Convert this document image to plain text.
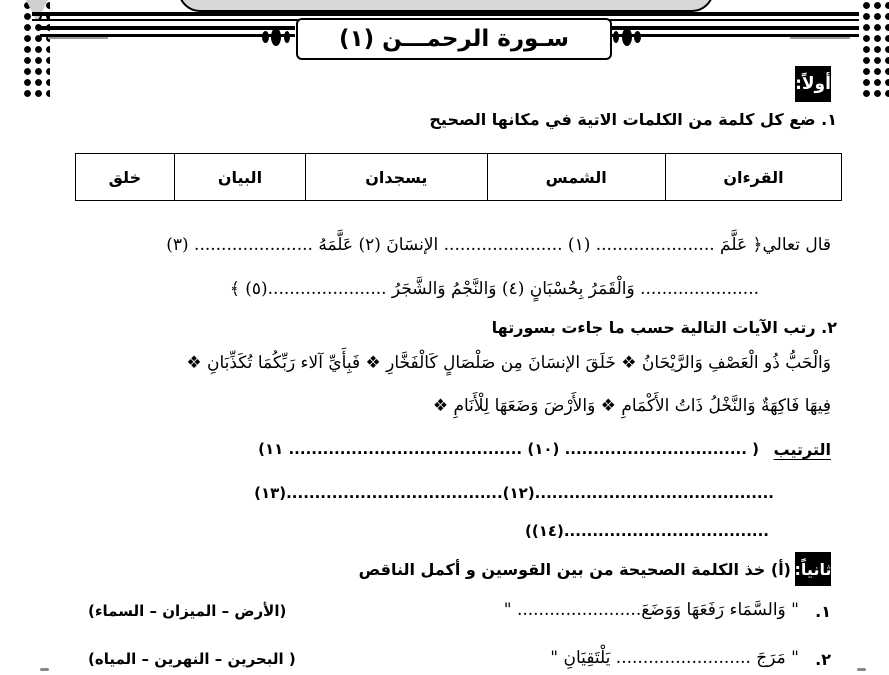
سـورة الرحمـــن (١)
أولاً:
١. ضع كل كلمة من الكلمات الاتية في مكانها الصحيح
القرءان	الشمس	يسجدان	البيان	خلق
قال تعالي﴿ عَلَّمَ ...................... (١) ...................... الإنسَانَ (٢) عَلَّمَهُ ...................... (٣)
...................... وَالْقَمَرُ بِحُسْبَانٍ (٤) وَالنَّجْمُ وَالشَّجَرُ ......................(٥) ﴾
٢. رتب الآيات التالية حسب ما جاءت بسورتها
وَالْحَبُّ ذُو الْعَصْفِ وَالرَّيْحَانُ ❖ خَلَقَ الإنسَانَ مِن صَلْصَالٍ كَالْفَخَّارِ ❖ فَبِأَيِّ آلاء رَبِّكُمَا تُكَذِّبَانِ ❖
فِيهَا فَاكِهَةٌ وَالنَّخْلُ ذَاتُ الأَكْمَامِ ❖ وَالأَرْضَ وَضَعَهَا لِلْأَنَامِ ❖
الترتيب
( ................................ (١٠) ......................................... ١١)
..........................................(١٢)......................................(١٣)
....................................(١٤))
ثانياً:
(أ) خذ الكلمة الصحيحة من بين القوسين و أكمل الناقص
١.
" وَالسَّمَاء رَفَعَهَا وَوَضَعَ....................... "
(الأرض – الميزان – السماء)
٢.
" مَرَجَ ......................... يَلْتَقِيَانِ "
( البحرين – النهرين – المياه)
